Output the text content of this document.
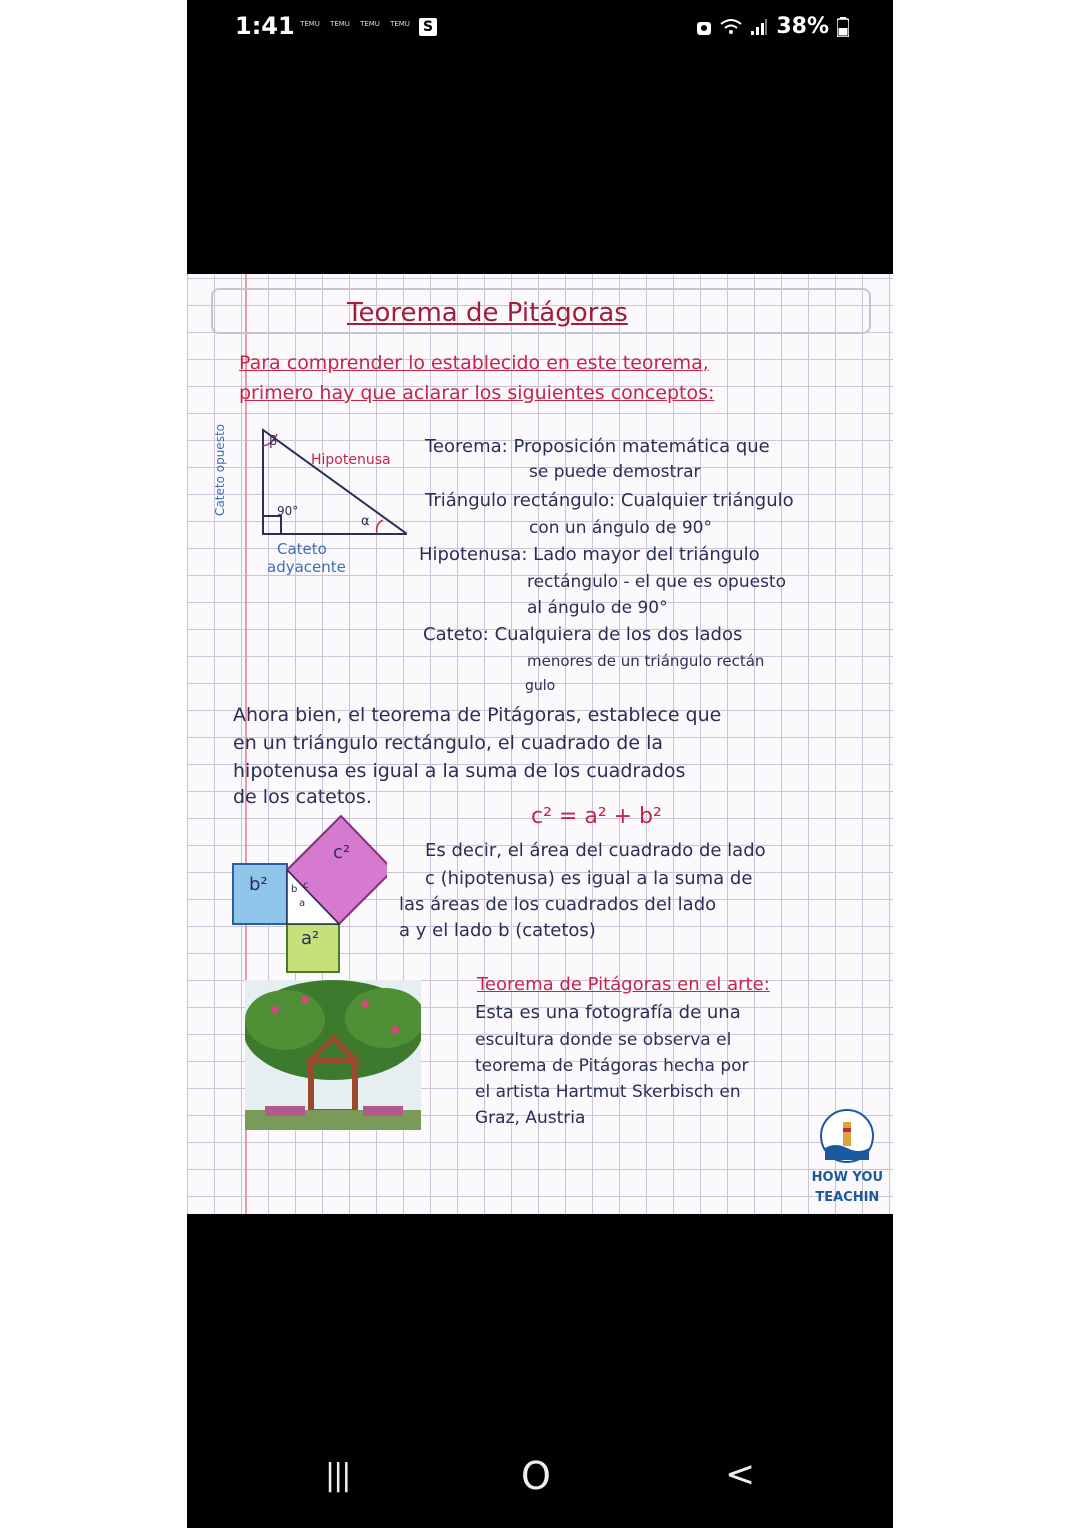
1:41 TEMU	TEMU	TEMU	TEMU S	38%
Teorema de Pitágoras
Para comprender lo establecido en este teorema,
primero hay que aclarar los siguientes conceptos:
Cateto opuesto	β
Hipotenusa
90°
α
Cateto
adyacente
Teorema: Proposición matemática que
se puede demostrar
Triángulo rectángulo: Cualquier triángulo
con un ángulo de 90°
Hipotenusa: Lado mayor del triángulo
rectángulo - el que es opuesto
al ángulo de 90°
Cateto: Cualquiera de los dos lados
menores de un triángulo rectán
gulo
Ahora bien, el teorema de Pitágoras, establece que
en un triángulo rectángulo, el cuadrado de la
hipotenusa es igual a la suma de los cuadrados
de los catetos.
c² = a² + b²
c²
b²
a²
b c
a
Es decir, el área del cuadrado de lado
c (hipotenusa) es igual a la suma de
las áreas de los cuadrados del lado
a y el lado b (catetos)
Teorema de Pitágoras en el arte:
Esta es una fotografía de una
escultura donde se observa el
teorema de Pitágoras hecha por
el artista Hartmut Skerbisch en
Graz, Austria
HOW YOU
TEACHIN
|||	O	<
